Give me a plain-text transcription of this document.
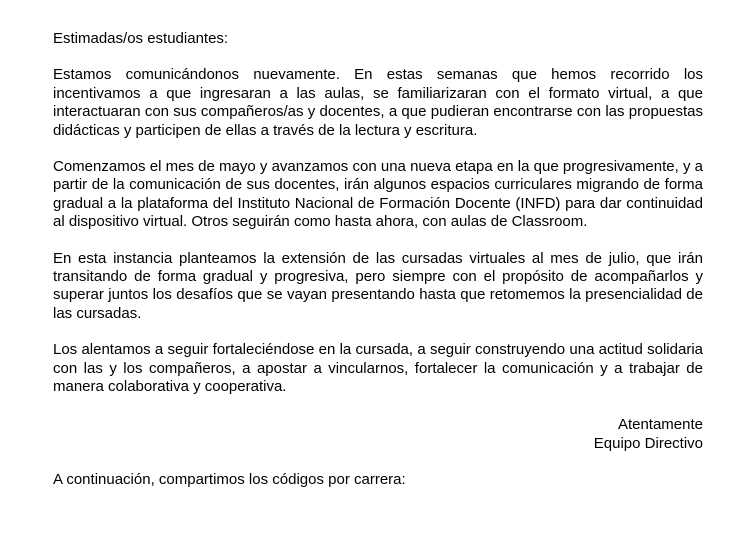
Estimadas/os estudiantes:

Estamos comunicándonos nuevamente. En estas semanas que hemos recorrido los incentivamos a que ingresaran a las aulas, se familiarizaran con el formato virtual, a que interactuaran con sus compañeros/as y docentes, a que pudieran encontrarse con las propuestas didácticas y participen de ellas a través de la lectura y escritura.

Comenzamos el mes de mayo y avanzamos con una nueva etapa en la que progresivamente, y a partir de la comunicación de sus docentes, irán algunos espacios curriculares migrando de forma gradual a la plataforma del Instituto Nacional de Formación Docente (INFD) para dar continuidad al dispositivo virtual. Otros seguirán como hasta ahora, con aulas de Classroom.

En esta instancia planteamos la extensión de las cursadas virtuales al mes de julio, que irán transitando de forma gradual y progresiva, pero siempre con el propósito de acompañarlos y superar juntos los desafíos que se vayan presentando hasta que retomemos la presencialidad de las cursadas.

Los alentamos a seguir fortaleciéndose en la cursada, a seguir construyendo una actitud solidaria con las y los compañeros, a apostar a vincularnos, fortalecer la comunicación y a trabajar de manera colaborativa y cooperativa.

Atentamente
Equipo Directivo

A continuación, compartimos los códigos por carrera:
